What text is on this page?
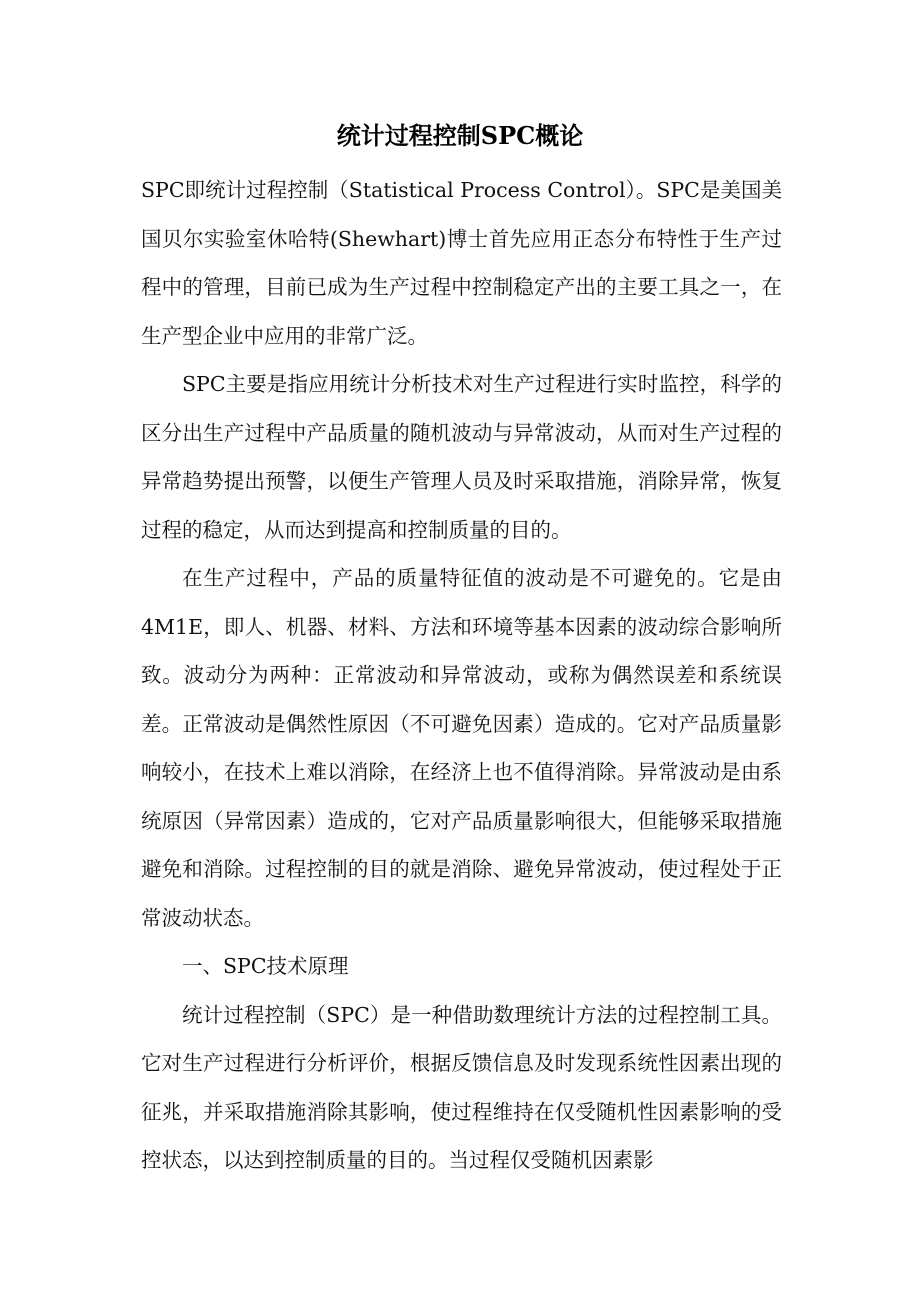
统计过程控制SPC概论

SPC即统计过程控制（Statistical Process Control）。SPC是美国美国贝尔实验室休哈特(Shewhart)博士首先应用正态分布特性于生产过程中的管理，目前已成为生产过程中控制稳定产出的主要工具之一，在生产型企业中应用的非常广泛。

SPC主要是指应用统计分析技术对生产过程进行实时监控，科学的区分出生产过程中产品质量的随机波动与异常波动，从而对生产过程的异常趋势提出预警，以便生产管理人员及时采取措施，消除异常，恢复过程的稳定，从而达到提高和控制质量的目的。

在生产过程中，产品的质量特征值的波动是不可避免的。它是由4M1E，即人、机器、材料、方法和环境等基本因素的波动综合影响所致。波动分为两种：正常波动和异常波动，或称为偶然误差和系统误差。正常波动是偶然性原因（不可避免因素）造成的。它对产品质量影响较小，在技术上难以消除，在经济上也不值得消除。异常波动是由系统原因（异常因素）造成的，它对产品质量影响很大，但能够采取措施避免和消除。过程控制的目的就是消除、避免异常波动，使过程处于正常波动状态。

一、SPC技术原理

统计过程控制（SPC）是一种借助数理统计方法的过程控制工具。它对生产过程进行分析评价，根据反馈信息及时发现系统性因素出现的征兆，并采取措施消除其影响，使过程维持在仅受随机性因素影响的受控状态，以达到控制质量的目的。当过程仅受随机因素影
